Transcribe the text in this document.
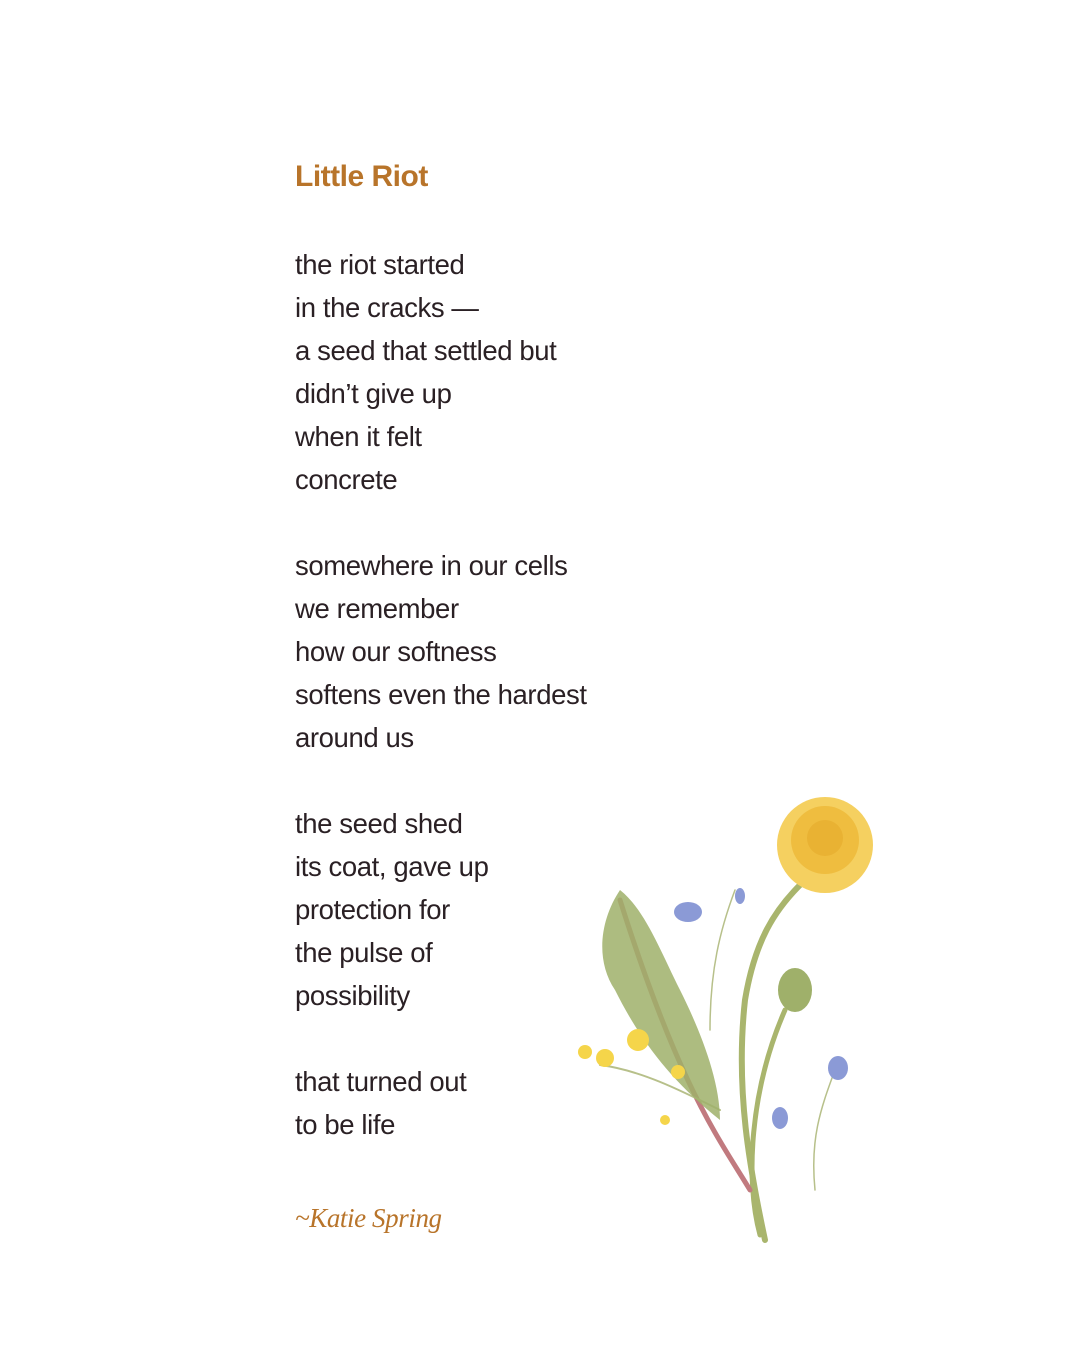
Little Riot
the riot started
in the cracks —
a seed that settled but
didn’t give up
when it felt
concrete
somewhere in our cells
we remember
how our softness
softens even the hardest
around us
the seed shed
its coat, gave up
protection for
the pulse of
possibility
that turned out
to be life
~Katie Spring
